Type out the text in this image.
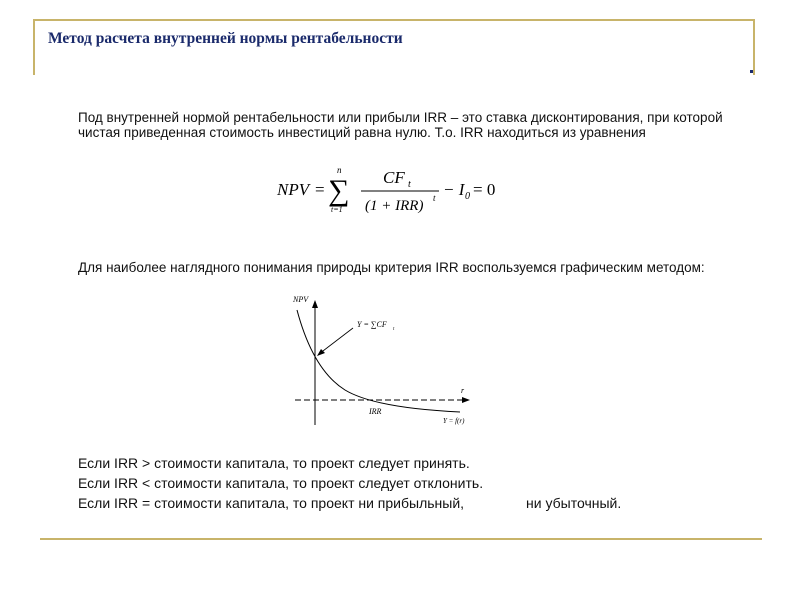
Метод расчета внутренней нормы рентабельности
Под внутренней нормой рентабельности или прибыли IRR – это ставка дисконтирования, при которой чистая приведенная стоимость инвестиций равна нулю. Т.о. IRR находиться из уравнения
NPV = ∑
n
t=1
CF t
(1 + IRR) t − I 0 = 0
Для наиболее наглядного понимания природы критерия IRR воспользуемся графическим методом:
NPV
r
Y = ∑CF
t
IRR
Y = f(r)
Если IRR > стоимости капитала, то проект следует принять.
Если IRR < стоимости капитала, то проект следует отклонить.
Если IRR = стоимости капитала, то проект ни прибыльный,	ни убыточный.
